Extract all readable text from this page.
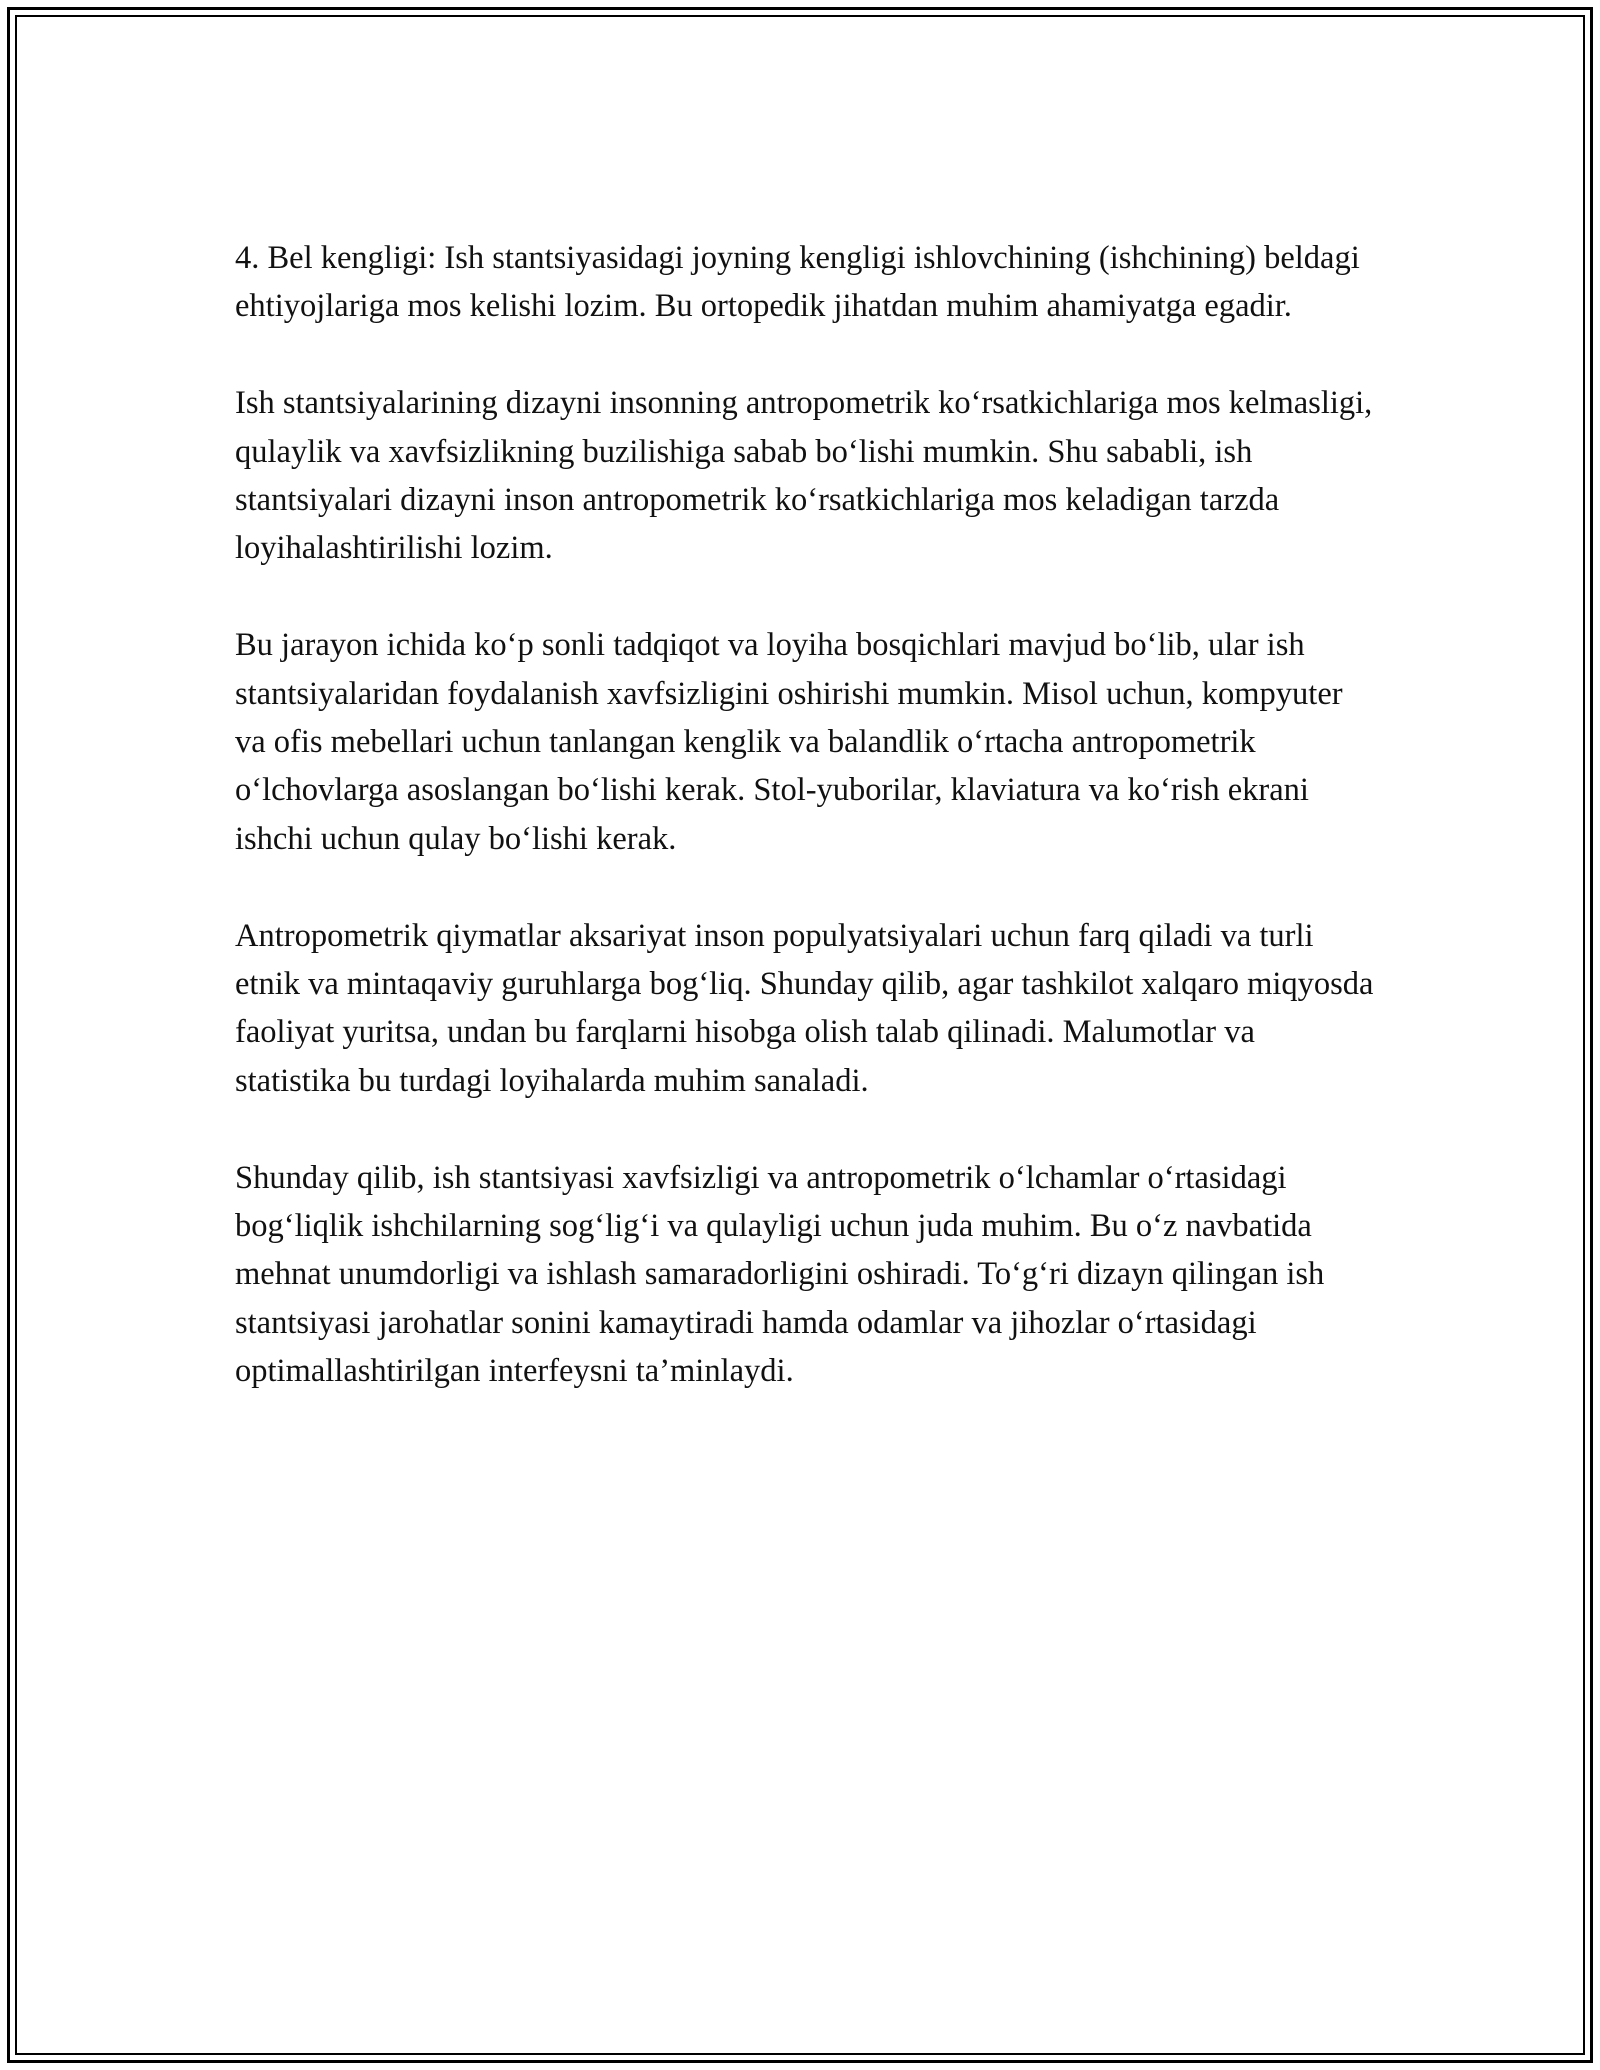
4. Bel kengligi: Ish stantsiyasidagi joyning kengligi ishlovchining (ishchining) beldagi ehtiyojlariga mos kelishi lozim. Bu ortopedik jihatdan muhim ahamiyatga egadir.

Ish stantsiyalarining dizayni insonning antropometrik koʻrsatkichlariga mos kelmasligi, qulaylik va xavfsizlikning buzilishiga sabab boʻlishi mumkin. Shu sababli, ish stantsiyalari dizayni inson antropometrik koʻrsatkichlariga mos keladigan tarzda loyihalashtirilishi lozim.

Bu jarayon ichida koʻp sonli tadqiqot va loyiha bosqichlari mavjud boʻlib, ular ish stantsiyalaridan foydalanish xavfsizligini oshirishi mumkin. Misol uchun, kompyuter va ofis mebellari uchun tanlangan kenglik va balandlik oʻrtacha antropometrik oʻlchovlarga asoslangan boʻlishi kerak. Stol-yuborilar, klaviatura va koʻrish ekrani ishchi uchun qulay boʻlishi kerak.

Antropometrik qiymatlar aksariyat inson populyatsiyalari uchun farq qiladi va turli etnik va mintaqaviy guruhlarga bogʻliq. Shunday qilib, agar tashkilot xalqaro miqyosda faoliyat yuritsa, undan bu farqlarni hisobga olish talab qilinadi. Malumotlar va statistika bu turdagi loyihalarda muhim sanaladi.

Shunday qilib, ish stantsiyasi xavfsizligi va antropometrik oʻlchamlar oʻrtasidagi bogʻliqlik ishchilarning sogʻligʻi va qulayligi uchun juda muhim. Bu oʻz navbatida mehnat unumdorligi va ishlash samaradorligini oshiradi. Toʻgʻri dizayn qilingan ish stantsiyasi jarohatlar sonini kamaytiradi hamda odamlar va jihozlar oʻrtasidagi optimallashtirilgan interfeysni ta’minlaydi.
